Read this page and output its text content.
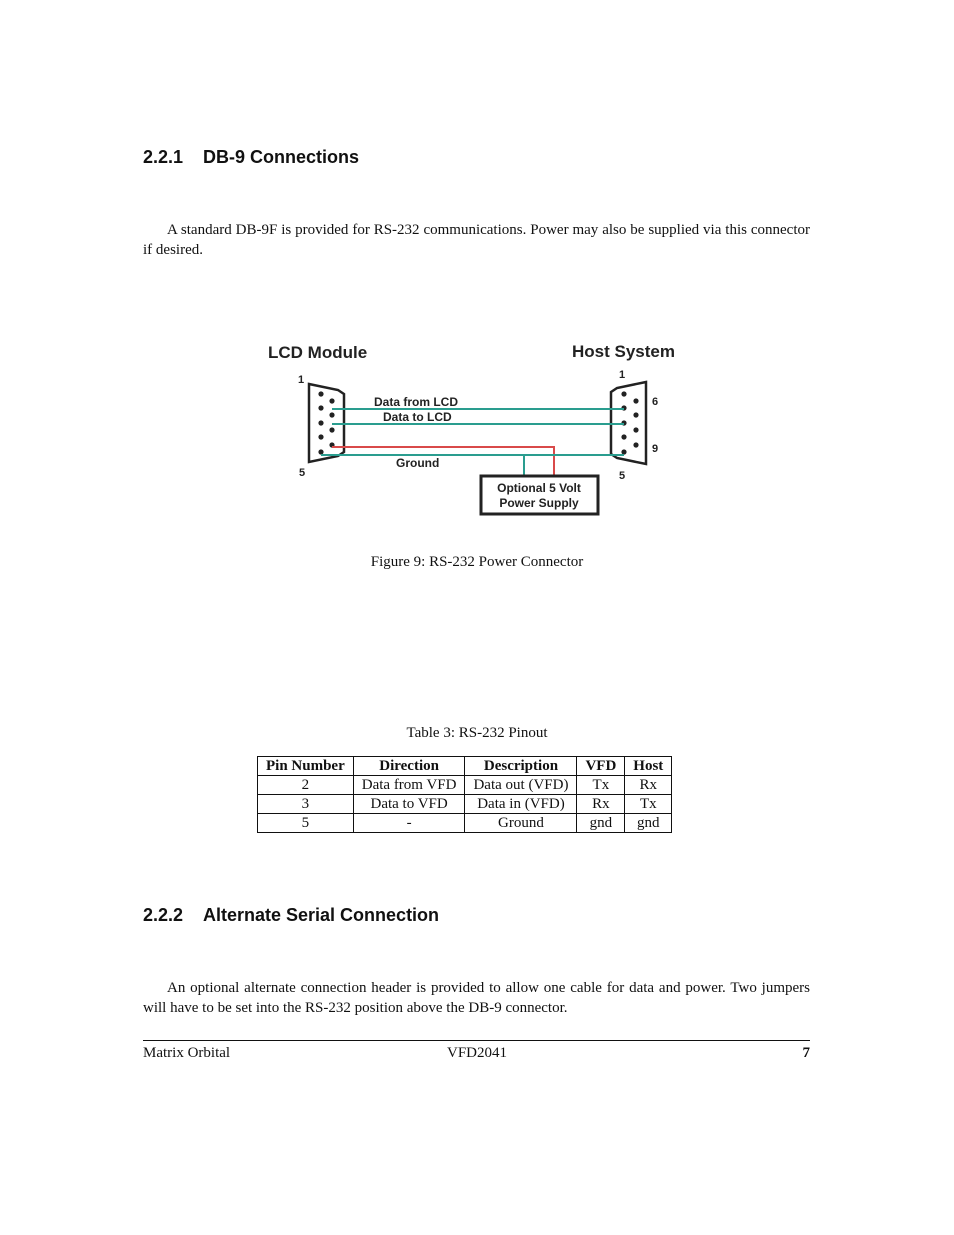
2.2.1 DB-9 Connections

A standard DB-9F is provided for RS-232 communications. Power may also be supplied via this connector if desired.

LCD Module	Host System
1
5
1
6
9
5
Data from LCD
Data to LCD
Ground
Optional 5 Volt
Power Supply

Figure 9: RS-232 Power Connector

Table 3: RS-232 Pinout

Pin Number	Direction	Description	VFD	Host
2	Data from VFD	Data out (VFD)	Tx	Rx
3	Data to VFD	Data in (VFD)	Rx	Tx
5	-	Ground	gnd	gnd
2.2.2 Alternate Serial Connection

An optional alternate connection header is provided to allow one cable for data and power. Two jumpers will have to be set into the RS-232 position above the DB-9 connector.

Matrix Orbital	VFD2041	7
